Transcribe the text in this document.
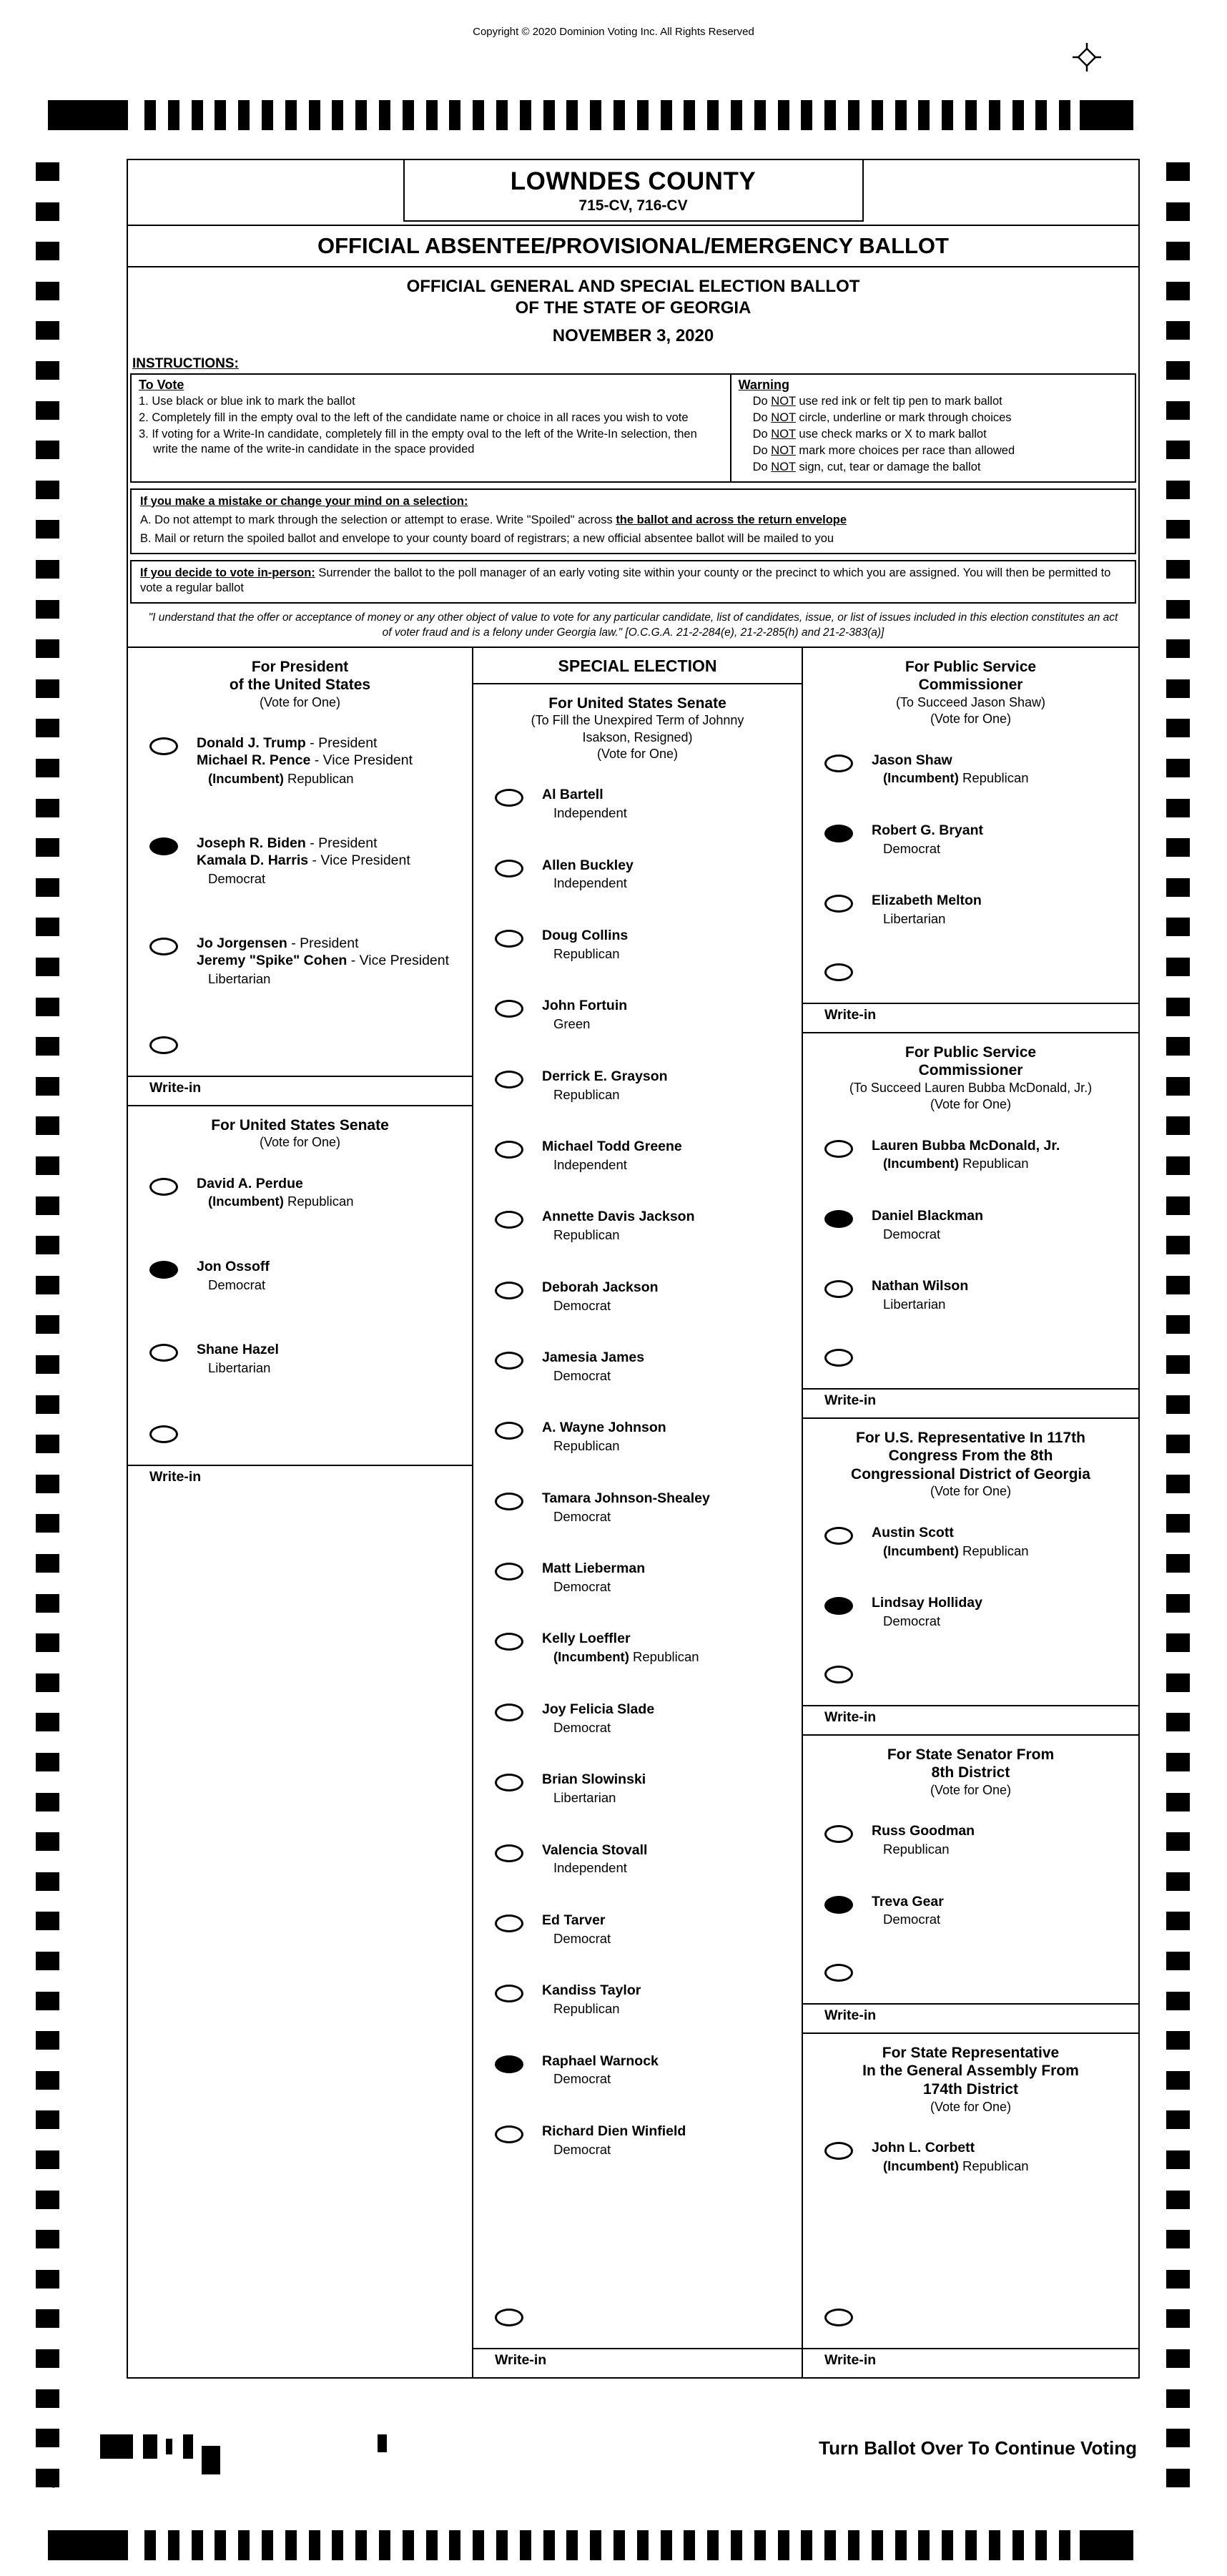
Copyright © 2020 Dominion Voting Inc. All Rights Reserved
LOWNDES COUNTY
715-CV, 716-CV
OFFICIAL ABSENTEE/PROVISIONAL/EMERGENCY BALLOT
OFFICIAL GENERAL AND SPECIAL ELECTION BALLOT
OF THE STATE OF GEORGIA
NOVEMBER 3, 2020
INSTRUCTIONS:
To Vote
1. Use black or blue ink to mark the ballot
2. Completely fill in the empty oval to the left of the candidate name or choice in all races you wish to vote
3. If voting for a Write-In candidate, completely fill in the empty oval to the left of the Write-In selection, then write the name of the write-in candidate in the space provided
Warning
Do NOT use red ink or felt tip pen to mark ballot
Do NOT circle, underline or mark through choices
Do NOT use check marks or X to mark ballot
Do NOT mark more choices per race than allowed
Do NOT sign, cut, tear or damage the ballot
If you make a mistake or change your mind on a selection:
A. Do not attempt to mark through the selection or attempt to erase. Write "Spoiled" across the ballot and across the return envelope
B. Mail or return the spoiled ballot and envelope to your county board of registrars; a new official absentee ballot will be mailed to you
If you decide to vote in-person: Surrender the ballot to the poll manager of an early voting site within your county or the precinct to which you are assigned. You will then be permitted to vote a regular ballot
"I understand that the offer or acceptance of money or any other object of value to vote for any particular candidate, list of candidates, issue, or list of issues included in this election constitutes an act of voter fraud and is a felony under Georgia law." [O.C.G.A. 21-2-284(e), 21-2-285(h) and 21-2-383(a)]
For President
of the United States
(Vote for One)
Donald J. Trump - President
Michael R. Pence - Vice President
(Incumbent) Republican
Joseph R. Biden - President
Kamala D. Harris - Vice President
Democrat
Jo Jorgensen - President
Jeremy "Spike" Cohen - Vice President
Libertarian
Write-in
For United States Senate
(Vote for One)
David A. Perdue
(Incumbent) Republican
Jon Ossoff
Democrat
Shane Hazel
Libertarian
Write-in
SPECIAL ELECTION
For United States Senate
(To Fill the Unexpired Term of Johnny
Isakson, Resigned)
(Vote for One)
Al Bartell
Independent
Allen Buckley
Independent
Doug Collins
Republican
John Fortuin
Green
Derrick E. Grayson
Republican
Michael Todd Greene
Independent
Annette Davis Jackson
Republican
Deborah Jackson
Democrat
Jamesia James
Democrat
A. Wayne Johnson
Republican
Tamara Johnson-Shealey
Democrat
Matt Lieberman
Democrat
Kelly Loeffler
(Incumbent) Republican
Joy Felicia Slade
Democrat
Brian Slowinski
Libertarian
Valencia Stovall
Independent
Ed Tarver
Democrat
Kandiss Taylor
Republican
Raphael Warnock
Democrat
Richard Dien Winfield
Democrat
Write-in
For Public Service
Commissioner
(To Succeed Jason Shaw)
(Vote for One)
Jason Shaw
(Incumbent) Republican
Robert G. Bryant
Democrat
Elizabeth Melton
Libertarian
Write-in
For Public Service
Commissioner
(To Succeed Lauren Bubba McDonald, Jr.)
(Vote for One)
Lauren Bubba McDonald, Jr.
(Incumbent) Republican
Daniel Blackman
Democrat
Nathan Wilson
Libertarian
Write-in
For U.S. Representative In 117th
Congress From the 8th
Congressional District of Georgia
(Vote for One)
Austin Scott
(Incumbent) Republican
Lindsay Holliday
Democrat
Write-in
For State Senator From
8th District
(Vote for One)
Russ Goodman
Republican
Treva Gear
Democrat
Write-in
For State Representative
In the General Assembly From
174th District
(Vote for One)
John L. Corbett
(Incumbent) Republican
Write-in
Turn Ballot Over To Continue Voting
